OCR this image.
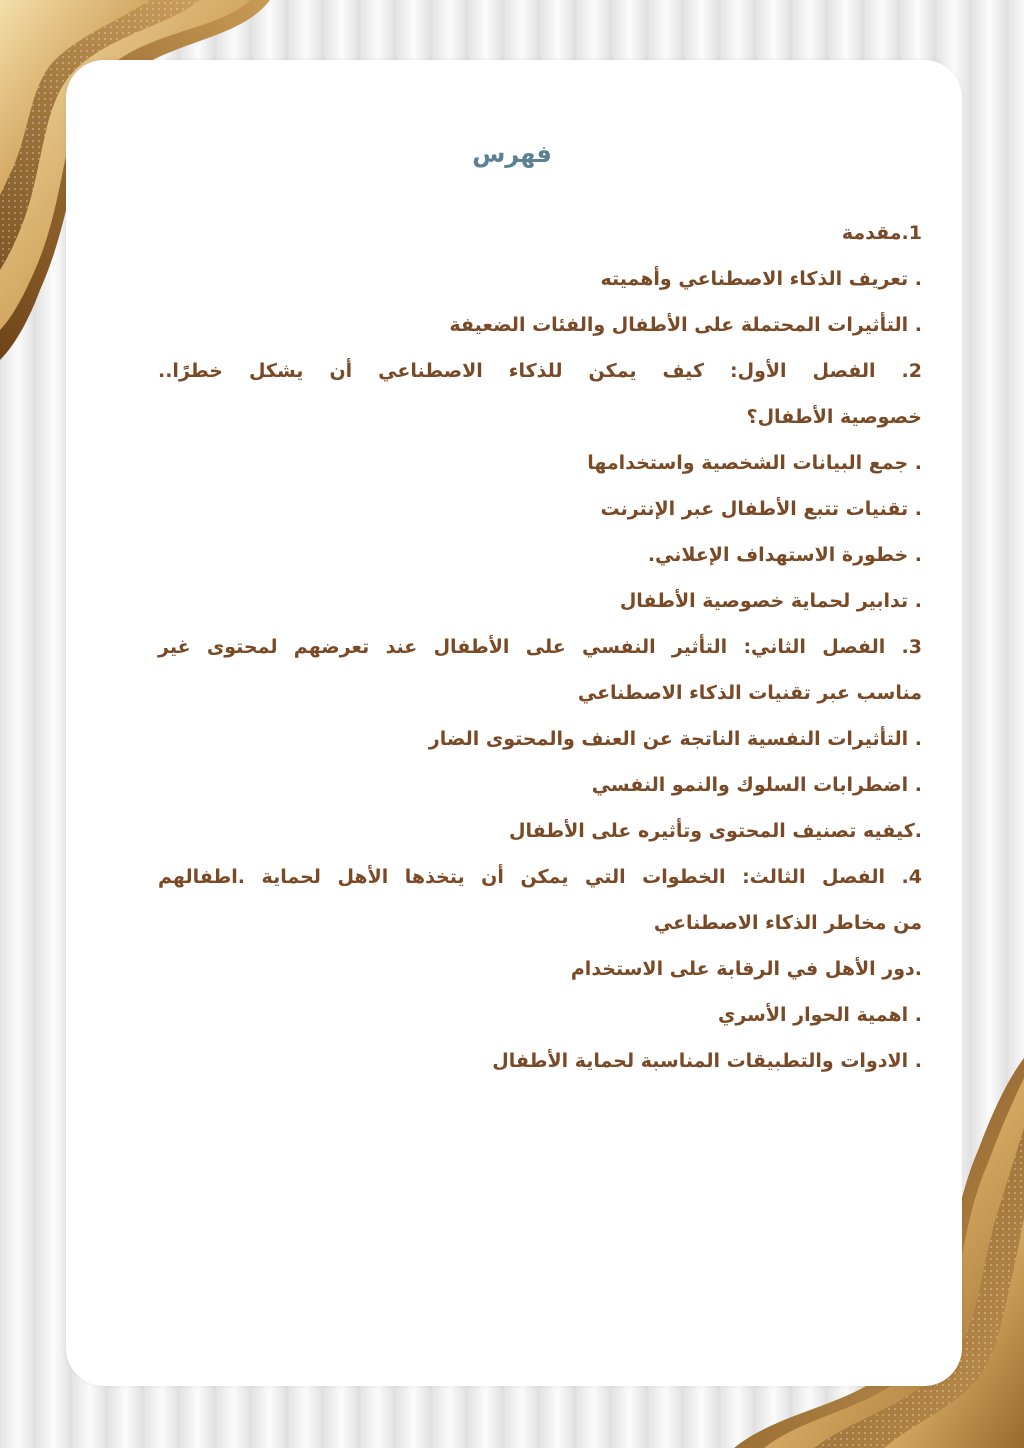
فهرس
1.مقدمة
. تعريف الذكاء الاصطناعي وأهميته
. التأثيرات المحتملة على الأطفال والفئات الضعيفة
2. الفصل الأول: كيف يمكن للذكاء الاصطناعي أن يشكل خطرًا..
خصوصية الأطفال؟
. جمع البيانات الشخصية واستخدامها
. تقنيات تتبع الأطفال عبر الإنترنت
. خطورة الاستهداف الإعلاني.
. تدابير لحماية خصوصية الأطفال
3. الفصل الثاني: التأثير النفسي على الأطفال عند تعرضهم لمحتوى غير
مناسب عبر تقنيات الذكاء الاصطناعي
. التأثيرات النفسية الناتجة عن العنف والمحتوى الضار
. اضطرابات السلوك والنمو النفسي
.كيفيه تصنيف المحتوى وتأثيره على الأطفال
4. الفصل الثالث: الخطوات التي يمكن أن يتخذها الأهل لحماية .اطفالهم
من مخاطر الذكاء الاصطناعي
.دور الأهل في الرقابة على الاستخدام
. اهمية الحوار الأسري
. الادوات والتطبيقات المناسبة لحماية الأطفال
